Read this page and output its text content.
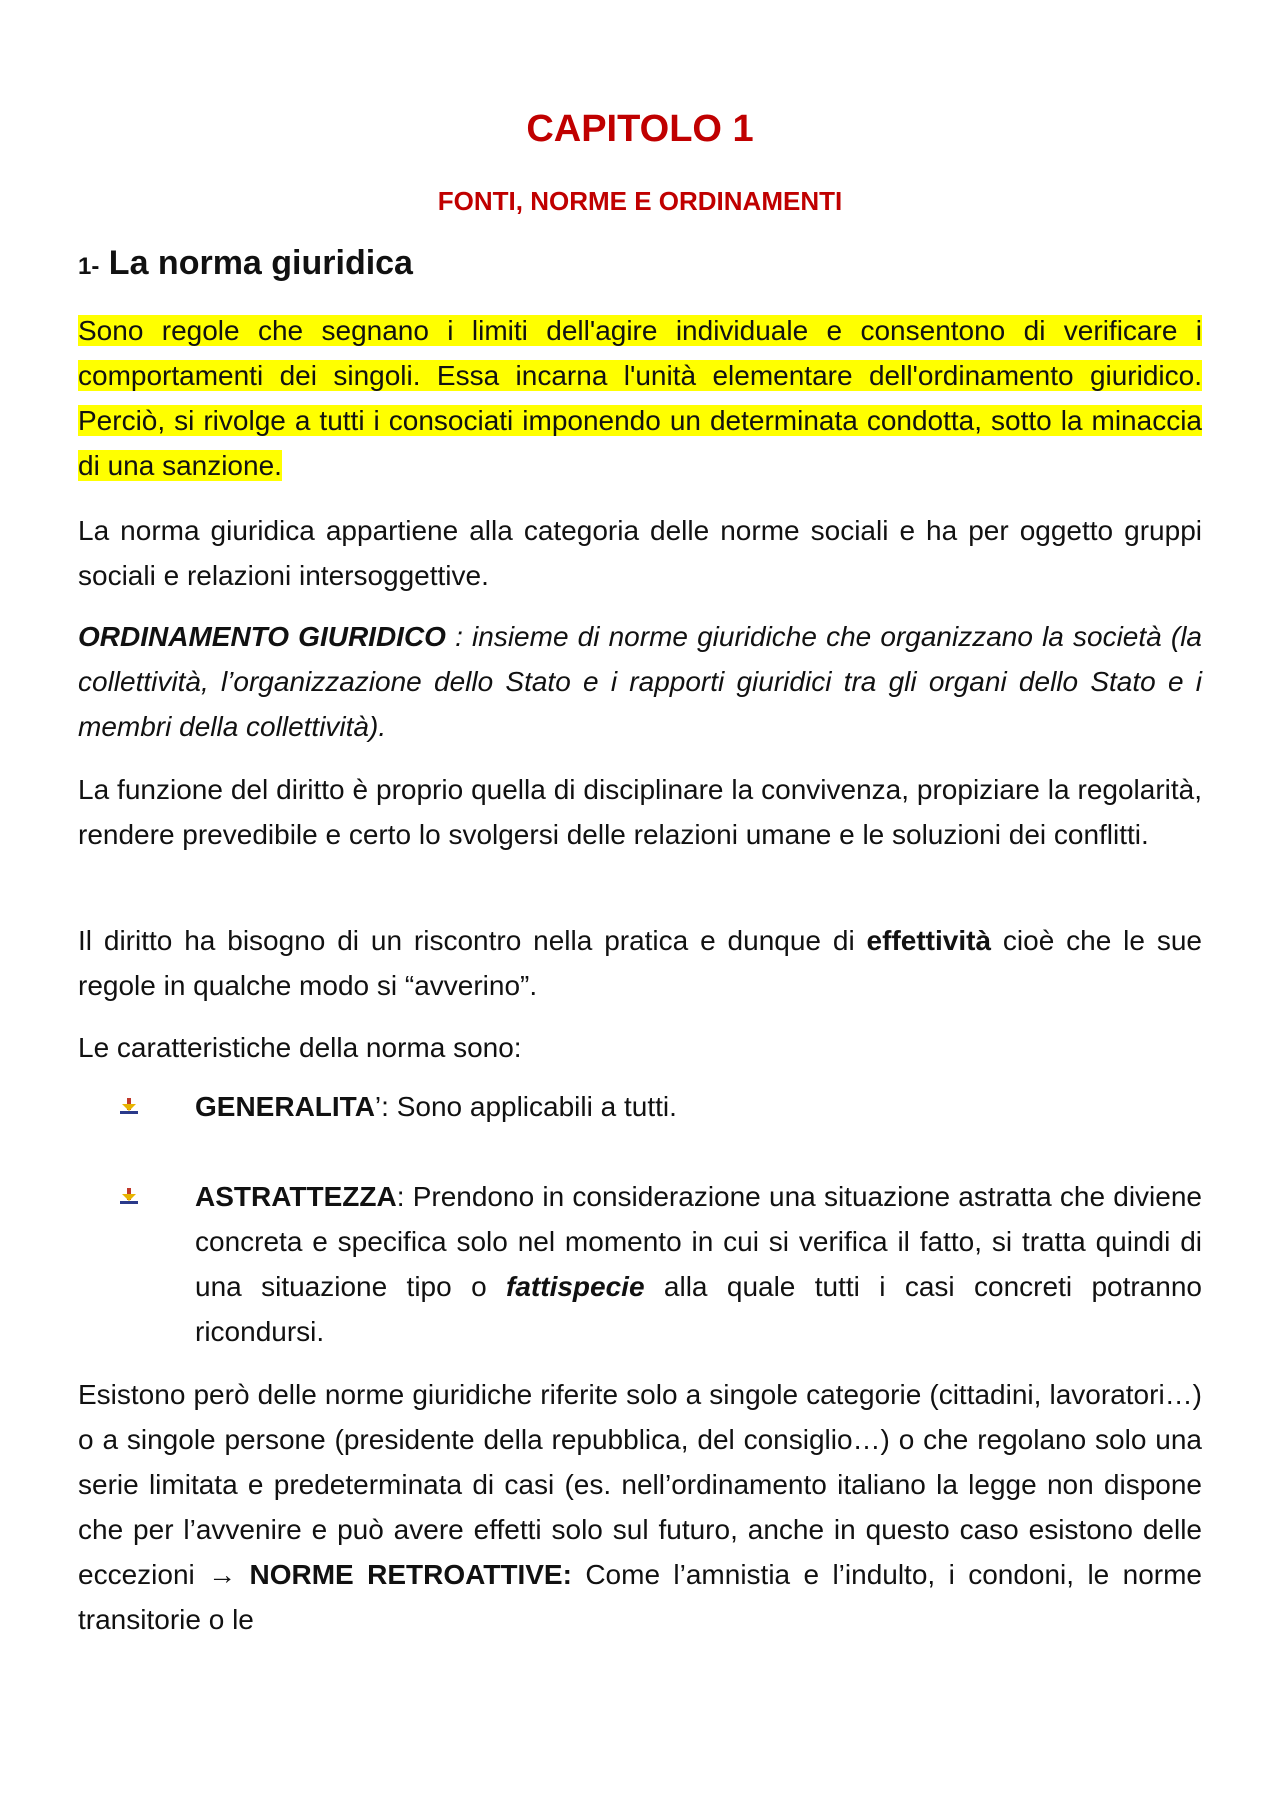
CAPITOLO 1
FONTI, NORME E ORDINAMENTI
1- La norma giuridica
Sono regole che segnano i limiti dell'agire individuale e consentono di verificare i comportamenti dei singoli. Essa incarna l'unità elementare dell'ordinamento giuridico. Perciò, si rivolge a tutti i consociati imponendo un determinata condotta, sotto la minaccia di una sanzione.
La norma giuridica appartiene alla categoria delle norme sociali e ha per oggetto gruppi sociali e relazioni intersoggettive.
ORDINAMENTO GIURIDICO : insieme di norme giuridiche che organizzano la società (la collettività, l’organizzazione dello Stato e i rapporti giuridici tra gli organi dello Stato e i membri della collettività).
La funzione del diritto è proprio quella di disciplinare la convivenza, propiziare la regolarità, rendere prevedibile e certo lo svolgersi delle relazioni umane e le soluzioni dei conflitti.
Il diritto ha bisogno di un riscontro nella pratica e dunque di effettività cioè che le sue regole in qualche modo si “avverino”.
Le caratteristiche della norma sono:
GENERALITA’: Sono applicabili a tutti.
ASTRATTEZZA: Prendono in considerazione una situazione astratta che diviene concreta e specifica solo nel momento in cui si verifica il fatto, si tratta quindi di una situazione tipo o fattispecie alla quale tutti i casi concreti potranno ricondursi.
Esistono però delle norme giuridiche riferite solo a singole categorie (cittadini, lavoratori…) o a singole persone (presidente della repubblica, del consiglio…) o che regolano solo una serie limitata e predeterminata di casi (es. nell’ordinamento italiano la legge non dispone che per l’avvenire e può avere effetti solo sul futuro, anche in questo caso esistono delle eccezioni → NORME RETROATTIVE: Come l’amnistia e l’indulto, i condoni, le norme transitorie o le
